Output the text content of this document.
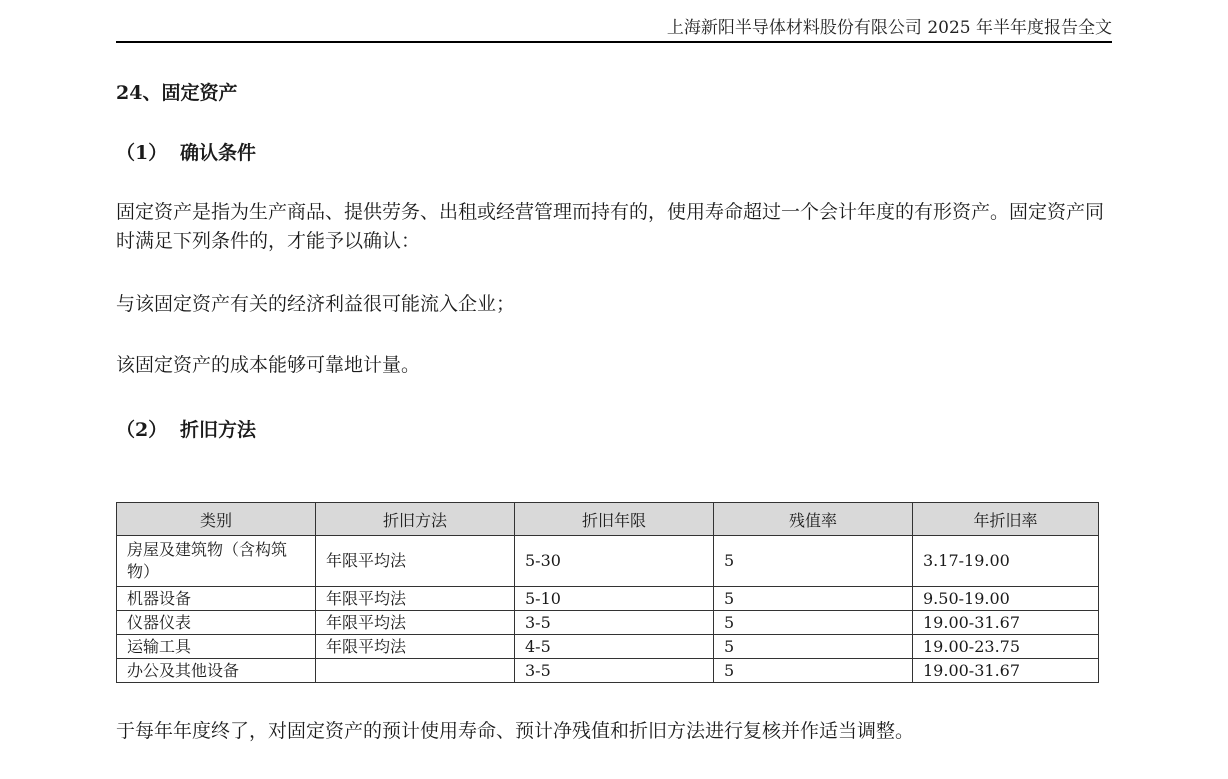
上海新阳半导体材料股份有限公司 2025 年半年度报告全文
24、固定资产
（1） 确认条件
固定资产是指为生产商品、提供劳务、出租或经营管理而持有的，使用寿命超过一个会计年度的有形资产。固定资产同时满足下列条件的，才能予以确认：
与该固定资产有关的经济利益很可能流入企业；
该固定资产的成本能够可靠地计量。
（2） 折旧方法
类别	折旧方法	折旧年限	残值率	年折旧率
房屋及建筑物（含构筑物）	年限平均法	5-30	5	3.17-19.00
机器设备	年限平均法	5-10	5	9.50-19.00
仪器仪表	年限平均法	3-5	5	19.00-31.67
运输工具	年限平均法	4-5	5	19.00-23.75
办公及其他设备		3-5	5	19.00-31.67
于每年年度终了，对固定资产的预计使用寿命、预计净残值和折旧方法进行复核并作适当调整。
